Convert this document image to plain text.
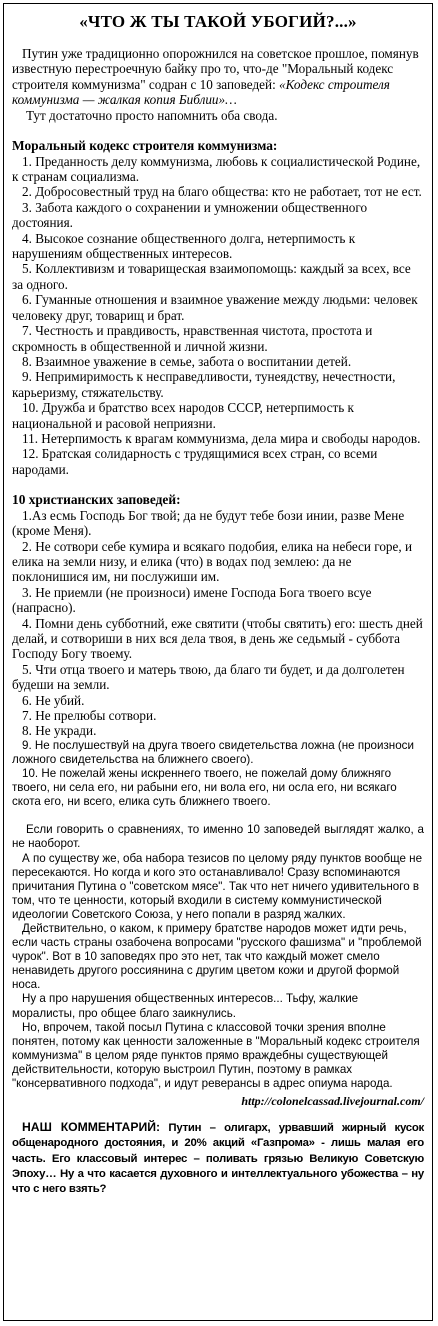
«ЧТО Ж ТЫ ТАКОЙ УБОГИЙ?...»

Путин уже традиционно опорожнился на советское прошлое, помянув известную перестроечную байку про то, что-де "Моральный кодекс строителя коммунизма" содран с 10 заповедей: «Кодекс строителя коммунизма — жалкая копия Библии»…

Тут достаточно просто напомнить оба свода.

Моральный кодекс строителя коммунизма:
1. Преданность делу коммунизма, любовь к социалистической Родине, к странам социализма.
2. Добросовестный труд на благо общества: кто не работает, тот не ест.
3. Забота каждого о сохранении и умножении общественного достояния.
4. Высокое сознание общественного долга, нетерпимость к нарушениям общественных интересов.
5. Коллективизм и товарищеская взаимопомощь: каждый за всех, все за одного.
6. Гуманные отношения и взаимное уважение между людьми: человек человеку друг, товарищ и брат.
7. Честность и правдивость, нравственная чистота, простота и скромность в общественной и личной жизни.
8. Взаимное уважение в семье, забота о воспитании детей.
9. Непримиримость к несправедливости, тунеядству, нечестности, карьеризму, стяжательству.
10. Дружба и братство всех народов СССР, нетерпимость к национальной и расовой неприязни.
11. Нетерпимость к врагам коммунизма, дела мира и свободы народов.
12. Братская солидарность с трудящимися всех стран, со всеми народами.
10 христианских заповедей:
1.Аз есмь Господь Бог твой; да не будут тебе бози инии, разве Мене (кроме Меня).
2. Не сотвори себе кумира и всякаго подобия, елика на небеси горе, и елика на земли низу, и елика (что) в водах под землею: да не поклонишися им, ни послужиши им.
3. Не приемли (не произноси) имене Господа Бога твоего всуе (напрасно).
4. Помни день субботний, еже святити (чтобы святить) его: шесть дней делай, и сотвориши в них вся дела твоя, в день же седьмый - суббота Господу Богу твоему.
5. Чти отца твоего и матерь твою, да благо ти будет, и да долголетен будеши на земли.
6. Не убий.
7. Не прелюбы сотвори.
8. Не укради.
9. Не послушествуй на друга твоего свидетельства ложна (не произноси ложного свидетельства на ближнего своего).
10. Не пожелай жены искреннего твоего, не пожелай дому ближняго твоего, ни села его, ни рабыни его, ни вола его, ни осла его, ни всякаго скота его, ни всего, елика суть ближнего твоего.

Если говорить о сравнениях, то именно 10 заповедей выглядят жалко, а не наоборот.

А по существу же, оба набора тезисов по целому ряду пунктов вообще не пересекаются. Но когда и кого это останавливало! Сразу вспоминаются причитания Путина о "советском мясе". Так что нет ничего удивительного в том, что те ценности, который входили в систему коммунистической идеологии Советского Союза, у него попали в разряд жалких.

Действительно, о каком, к примеру братстве народов может идти речь, если часть страны озабочена вопросами "русского фашизма" и "проблемой чурок". Вот в 10 заповедях про это нет, так что каждый может смело ненавидеть другого россиянина с другим цветом кожи и другой формой носа.

Ну а про нарушения общественных интересов... Тьфу, жалкие моралисты, про общее благо заикнулись.

Но, впрочем, такой посыл Путина с классовой точки зрения вполне понятен, потому как ценности заложенные в "Моральный кодекс строителя коммунизма" в целом ряде пунктов прямо враждебны существующей действительности, которую выстроил Путин, поэтому в рамках "консервативного подхода", и идут реверансы в адрес опиума народа.

http://colonelcassad.livejournal.com/

НАШ КОММЕНТАРИЙ: Путин – олигарх, урвавший жирный кусок общенародного достояния, и 20% акций «Газпрома» - лишь малая его часть. Его классовый интерес – поливать грязью Великую Советскую Эпоху… Ну а что касается духовного и интеллектуального убожества – ну что с него взять?
